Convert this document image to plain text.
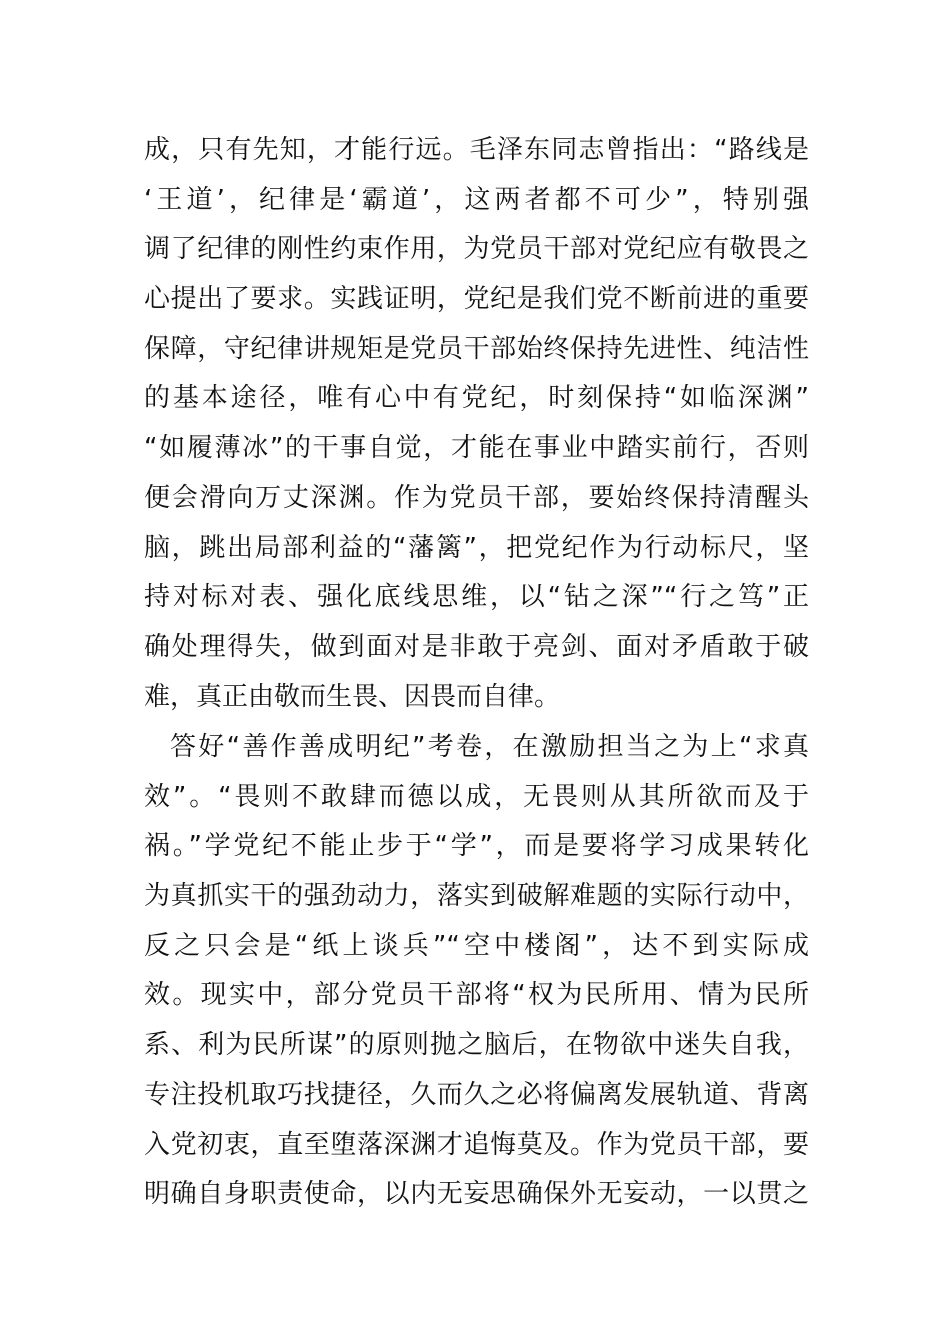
成，只有先知，才能行远。毛泽东同志曾指出：“路线是
‘王道’，纪律是‘霸道’，这两者都不可少”，特别强
调了纪律的刚性约束作用，为党员干部对党纪应有敬畏之
心提出了要求。实践证明，党纪是我们党不断前进的重要
保障，守纪律讲规矩是党员干部始终保持先进性、纯洁性
的基本途径，唯有心中有党纪，时刻保持“如临深渊”
“如履薄冰”的干事自觉，才能在事业中踏实前行，否则
便会滑向万丈深渊。作为党员干部，要始终保持清醒头
脑，跳出局部利益的“藩篱”，把党纪作为行动标尺，坚
持对标对表、强化底线思维，以“钻之深”“行之笃”正
确处理得失，做到面对是非敢于亮剑、面对矛盾敢于破
难，真正由敬而生畏、因畏而自律。
答好“善作善成明纪”考卷，在激励担当之为上“求真
效”。“畏则不敢肆而德以成，无畏则从其所欲而及于
祸。”学党纪不能止步于“学”，而是要将学习成果转化
为真抓实干的强劲动力，落实到破解难题的实际行动中，
反之只会是“纸上谈兵”“空中楼阁”，达不到实际成
效。现实中，部分党员干部将“权为民所用、情为民所
系、利为民所谋”的原则抛之脑后，在物欲中迷失自我，
专注投机取巧找捷径，久而久之必将偏离发展轨道、背离
入党初衷，直至堕落深渊才追悔莫及。作为党员干部，要
明确自身职责使命，以内无妄思确保外无妄动，一以贯之
